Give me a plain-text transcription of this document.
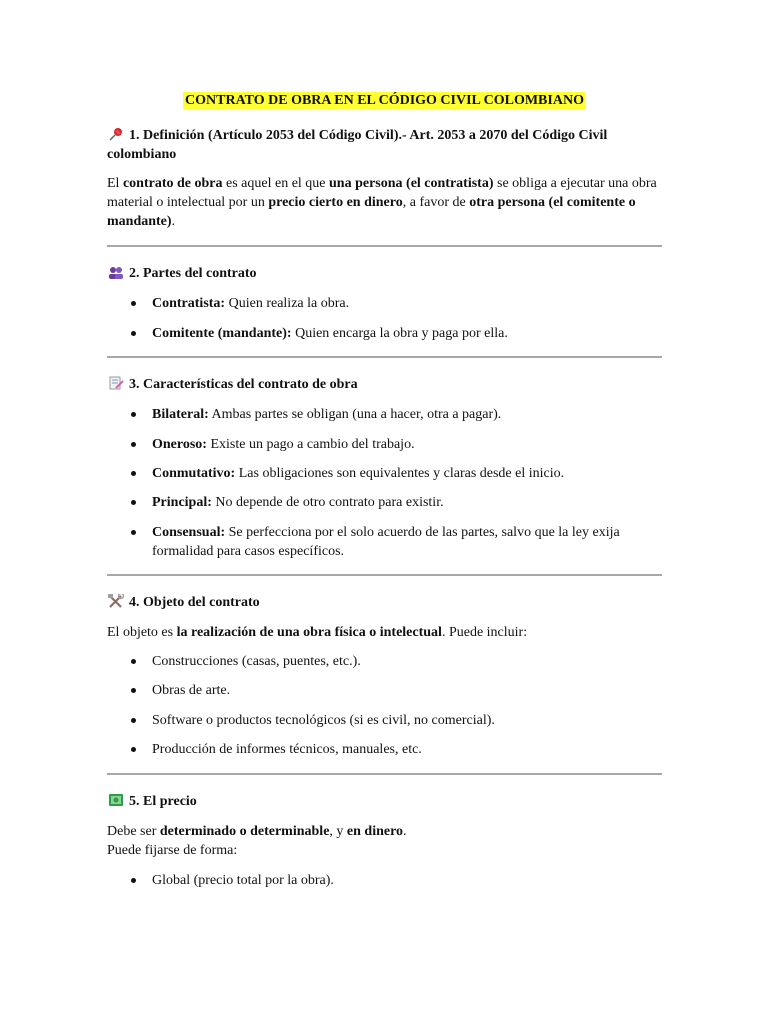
CONTRATO DE OBRA EN EL CÓDIGO CIVIL COLOMBIANO

1. Definición (Artículo 2053 del Código Civil).- Art. 2053 a 2070 del Código Civil colombiano

El contrato de obra es aquel en el que una persona (el contratista) se obliga a ejecutar una obra material o intelectual por un precio cierto en dinero, a favor de otra persona (el comitente o mandante).

2. Partes del contrato

Contratista: Quien realiza la obra.
Comitente (mandante): Quien encarga la obra y paga por ella.

3. Características del contrato de obra

Bilateral: Ambas partes se obligan (una a hacer, otra a pagar).
Oneroso: Existe un pago a cambio del trabajo.
Conmutativo: Las obligaciones son equivalentes y claras desde el inicio.
Principal: No depende de otro contrato para existir.
Consensual: Se perfecciona por el solo acuerdo de las partes, salvo que la ley exija formalidad para casos específicos.

4. Objeto del contrato

El objeto es la realización de una obra física o intelectual. Puede incluir:

Construcciones (casas, puentes, etc.).
Obras de arte.
Software o productos tecnológicos (si es civil, no comercial).
Producción de informes técnicos, manuales, etc.

5. El precio

Debe ser determinado o determinable, y en dinero.

Puede fijarse de forma:

Global (precio total por la obra).
